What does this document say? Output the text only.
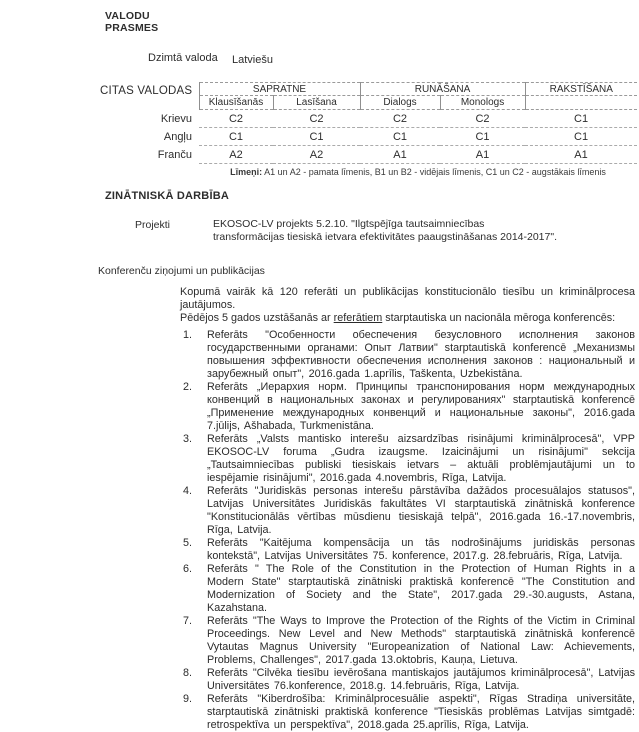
VALODU
PRASMES
Dzimtā valoda Latviešu
CITAS VALODAS	SAPRATNE		RUNĀŠANA		RAKSTĪŠANA
	Klausīšanās	Lasīšana	Dialogs	Monologs	
Krievu	C2	C2	C2	C2	C1
Angļu	C1	C1	C1	C1	C1
Franču	A2	A2	A1	A1	A1
Līmeņi: A1 un A2 - pamata līmenis, B1 un B2 - vidējais līmenis, C1 un C2 - augstākais līmenis
ZINĀTNISKĀ DARBĪBA
Projekti	EKOSOC-LV projekts 5.2.10. "Ilgtspējīga tautsaimniecības
transformācijas tiesiskā ietvara efektivitātes paaugstināšanas 2014-2017".
Konferenču ziņojumi un publikācijas

Kopumā vairāk kā 120 referāti un publikācijas konstitucionālo tiesību un kriminālprocesa jautājumos.

Pēdējos 5 gados uzstāšanās ar referātiem starptautiska un nacionāla mēroga konferencēs:

1. Referāts "Особенности обеспечения безусловного исполнения законов государственными органами: Опыт Латвии" starptautiskā konferencē „Механизмы повышения эффективности обеспечения исполнения законов : национальный и зарубежный опыт", 2016.gada 1.aprīlis, Taškenta, Uzbekistāna.
2. Referāts „Иерархия норм. Принципы транспонирования норм международных конвенций в национальных законах и регулированиях" starptautiskā konferencē „Применение международных конвенций и национальные законы", 2016.gada 7.jūlijs, Ašhabada, Turkmenistāna.
3. Referāts „Valsts mantisko interešu aizsardzības risinājumi kriminālprocesā", VPP EKOSOC-LV foruma „Gudra izaugsme. Izaicinājumi un risinājumi" sekcija „Tautsaimniecības publiski tiesiskais ietvars – aktuāli problēmjautājumi un to iespējamie risinājumi", 2016.gada 4.novembris, Rīga, Latvija.
4. Referāts "Juridiskās personas interešu pārstāvība dažādos procesuālajos statusos", Latvijas Universitātes Juridiskās fakultātes VI starptautiskā zinātniskā konference "Konstitucionālās vērtības mūsdienu tiesiskajā telpā", 2016.gada 16.-17.novembris, Rīga, Latvija.
5. Referāts "Kaitējuma kompensācija un tās nodrošinājums juridiskās personas kontekstā", Latvijas Universitātes 75. konference, 2017.g. 28.februāris, Rīga, Latvija.
6. Referāts " The Role of the Constitution in the Protection of Human Rights in a Modern State" starptautiskā zinātniski praktiskā konferencē "The Constitution and Modernization of Society and the State", 2017.gada 29.-30.augusts, Astana, Kazahstana.
7. Referāts "The Ways to Improve the Protection of the Rights of the Victim in Criminal Proceedings. New Level and New Methods" starptautiskā zinātniskā konferencē Vytautas Magnus University "Europeanization of National Law: Achievements, Problems, Challenges", 2017.gada 13.oktobris, Kauņa, Lietuva.
8. Referāts "Cilvēka tiesību ievērošana mantiskajos jautājumos kriminālprocesā", Latvijas Universitātes 76.konference, 2018.g. 14.februāris, Rīga, Latvija.
9. Referāts "Kiberdrošība: Kriminālprocesuālie aspekti", Rīgas Stradiņa universitāte, starptautiskā zinātniski praktiskā konference "Tiesiskās problēmas Latvijas simtgadē: retrospektīva un perspektīva", 2018.gada 25.aprīlis, Rīga, Latvija.
